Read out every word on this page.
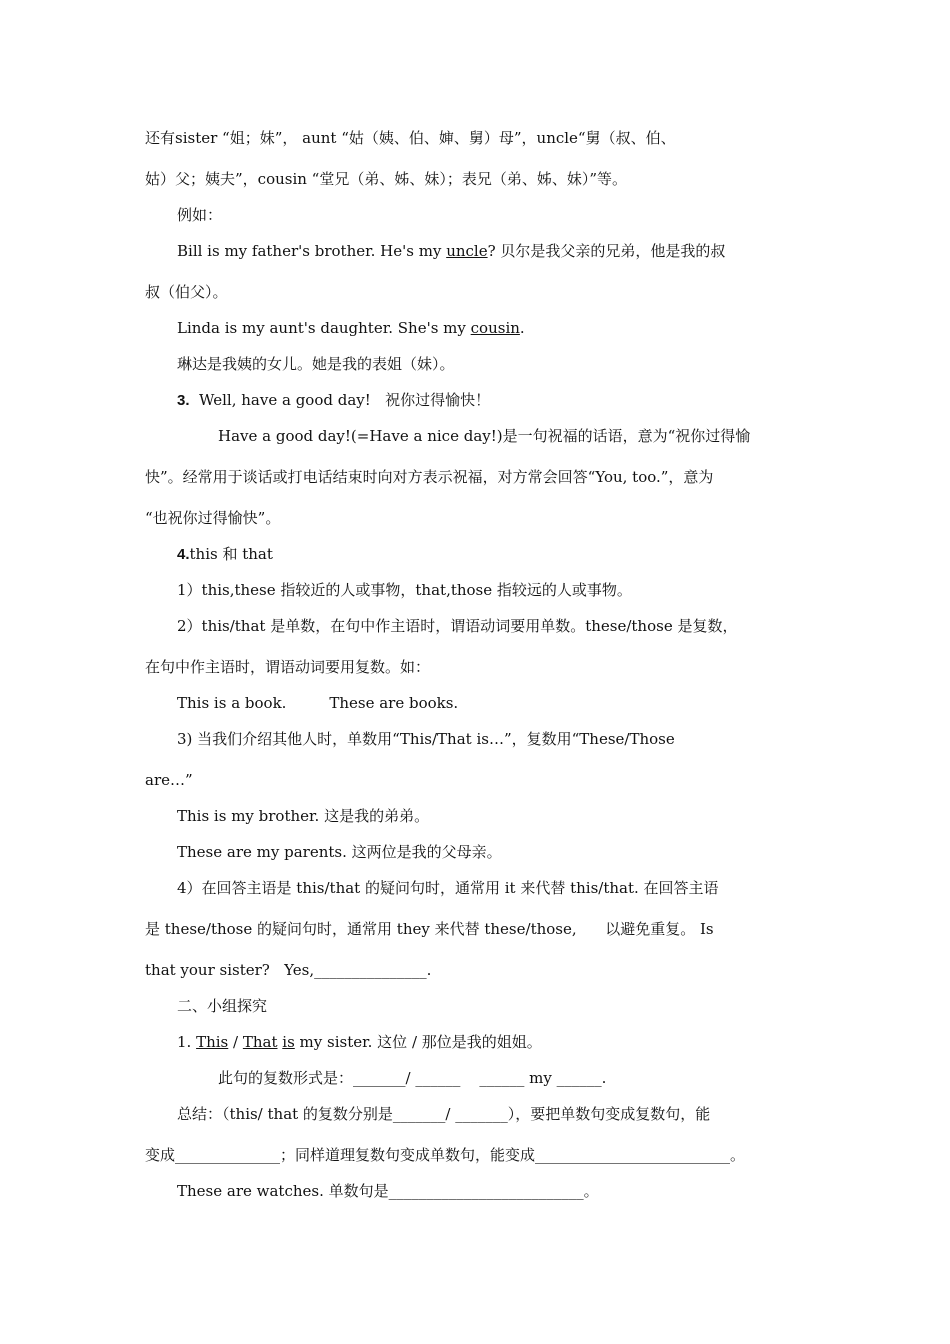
还有sister “姐；妹”， aunt “姑（姨、伯、婶、舅）母”，uncle“舅（叔、伯、
姑）父；姨夫”，cousin “堂兄（弟、姊、妹）；表兄（弟、姊、妹）”等。
例如：
Bill is my father's brother. He's my uncle? 贝尔是我父亲的兄弟，他是我的叔
叔（伯父）。
Linda is my aunt's daughter. She's my cousin.
琳达是我姨的女儿。她是我的表姐（妹）。
3.  Well, have a good day!   祝你过得愉快！
Have a good day!(=Have a nice day!)是一句祝福的话语，意为“祝你过得愉
快”。经常用于谈话或打电话结束时向对方表示祝福，对方常会回答“You, too.”，意为
“也祝你过得愉快”。
4.this 和 that
1）this,these 指较近的人或事物，that,those 指较远的人或事物。
2）this/that 是单数，在句中作主语时，谓语动词要用单数。these/those 是复数，
在句中作主语时，谓语动词要用复数。如：
This is a book.         These are books.
3) 当我们介绍其他人时，单数用“This/That is…”，复数用“These/Those
are…”
This is my brother. 这是我的弟弟。
These are my parents. 这两位是我的父母亲。
4）在回答主语是 this/that 的疑问句时，通常用 it 来代替 this/that. 在回答主语
是 these/those 的疑问句时，通常用 they 来代替 these/those,      以避免重复。 Is
that your sister?   Yes,_______________.
二、小组探究
1. This / That is my sister. 这位 / 那位是我的姐姐。
此句的复数形式是：_______/ ______    ______ my ______.
总结：（this/ that 的复数分别是_______/ _______），要把单数句变成复数句，能
变成______________；同样道理复数句变成单数句，能变成__________________________。
These are watches. 单数句是__________________________。
